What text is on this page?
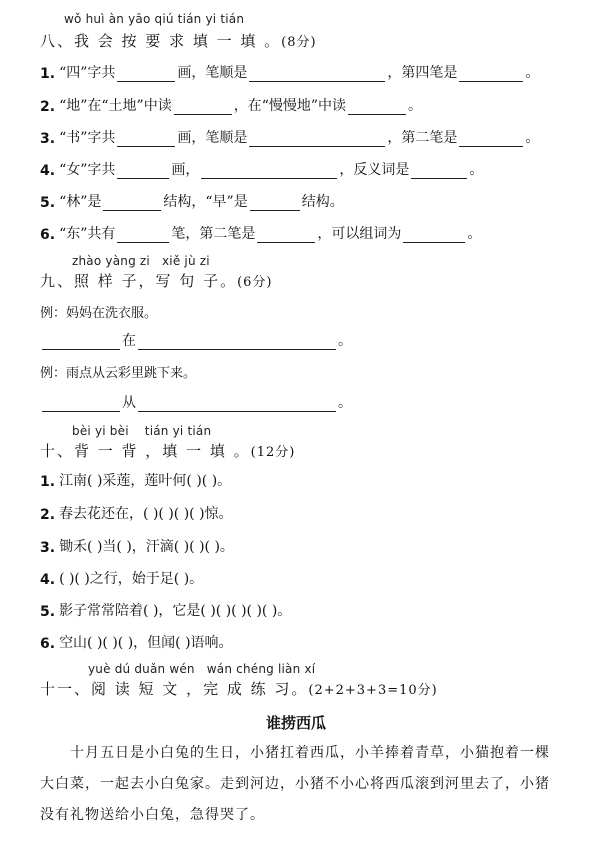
wǒ huì àn yāo qiú tián yi tián
八、我 会 按 要 求 填 一 填 。(8分)
1. “四”字共	画，笔顺是	，第四笔是	。
2. “地”在“土地”中读	，在“慢慢地”中读	。
3. “书”字共	画，笔顺是	，第二笔是	。
4. “女”字共	画，	，反义词是	。
5. “林”是	结构，“早”是	结构。
6. “东”共有	笔，第二笔是	，可以组词为	。
zhào yàng zi   xiě jù zi
九、照 样 子，写 句 子。(6分)
例：妈妈在洗衣服。
在	。
例：雨点从云彩里跳下来。
从	。
bèi yi bèi    tián yi tián
十、背 一 背 ，填 一 填 。(12分)
1. 江南( )采莲，莲叶何( )( )。
2. 春去花还在，( )( )( )( )惊。
3. 锄禾( )当( )，汗滴( )( )( )。
4. ( )( )之行，始于足( )。
5. 影子常常陪着( )，它是( )( )( )( )( )。
6. 空山( )( )( )，但闻( )语响。
yuè dú duǎn wén   wán chéng liàn xí
十一、阅 读 短 文 ，完 成 练 习。(2+2+3+3=10分)
谁捞西瓜
十月五日是小白兔的生日，小猪扛着西瓜，小羊捧着青草，小猫抱着一棵大白菜，一起去小白兔家。走到河边，小猪不小心将西瓜滚到河里去了，小猪没有礼物送给小白兔，急得哭了。
